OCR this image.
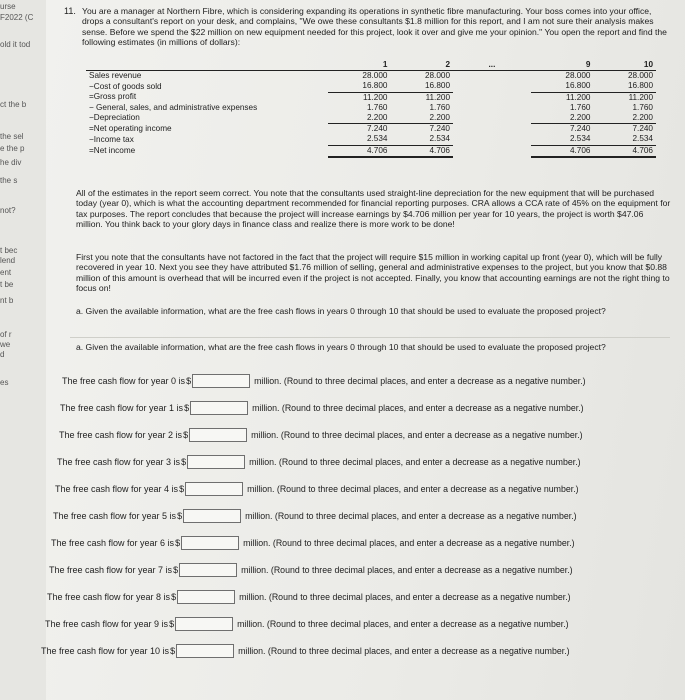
urse
F2022 (C
old it tod
ct the b
the sel
e the p
he div
the s
not?
t bec
lend
ent
t be
nt b
of r
we
d
es
11. You are a manager at Northern Fibre, which is considering expanding its operations in synthetic fibre manufacturing. Your boss comes into your office, drops a consultant's report on your desk, and complains, "We owe these consultants $1.8 million for this report, and I am not sure their analysis makes sense. Before we spend the $22 million on new equipment needed for this project, look it over and give me your opinion." You open the report and find the following estimates (in millions of dollars):
	1	2	...	9	10
Sales revenue	28.000	28.000		28.000	28.000
−Cost of goods sold	16.800	16.800		16.800	16.800
=Gross profit	11.200	11.200		11.200	11.200
− General, sales, and administrative expenses	1.760	1.760		1.760	1.760
−Depreciation	2.200	2.200		2.200	2.200
=Net operating income	7.240	7.240		7.240	7.240
−Income tax	2.534	2.534		2.534	2.534
=Net income	4.706	4.706		4.706	4.706
All of the estimates in the report seem correct. You note that the consultants used straight-line depreciation for the new equipment that will be purchased today (year 0), which is what the accounting department recommended for financial reporting purposes. CRA allows a CCA rate of 45% on the equipment for tax purposes. The report concludes that because the project will increase earnings by $4.706 million per year for 10 years, the project is worth $47.06 million. You think back to your glory days in finance class and realize there is more work to be done!
First you note that the consultants have not factored in the fact that the project will require $15 million in working capital up front (year 0), which will be fully recovered in year 10. Next you see they have attributed $1.76 million of selling, general and administrative expenses to the project, but you know that $0.88 million of this amount is overhead that will be incurred even if the project is not accepted. Finally, you know that accounting earnings are not the right thing to focus on!
a. Given the available information, what are the free cash flows in years 0 through 10 that should be used to evaluate the proposed project?
a. Given the available information, what are the free cash flows in years 0 through 10 that should be used to evaluate the proposed project?
The free cash flow for year 0 is $	million. (Round to three decimal places, and enter a decrease as a negative number.)
The free cash flow for year 1 is $	million. (Round to three decimal places, and enter a decrease as a negative number.)
The free cash flow for year 2 is $	million. (Round to three decimal places, and enter a decrease as a negative number.)
The free cash flow for year 3 is $	million. (Round to three decimal places, and enter a decrease as a negative number.)
The free cash flow for year 4 is $	million. (Round to three decimal places, and enter a decrease as a negative number.)
The free cash flow for year 5 is $	million. (Round to three decimal places, and enter a decrease as a negative number.)
The free cash flow for year 6 is $	million. (Round to three decimal places, and enter a decrease as a negative number.)
The free cash flow for year 7 is $	million. (Round to three decimal places, and enter a decrease as a negative number.)
The free cash flow for year 8 is $	million. (Round to three decimal places, and enter a decrease as a negative number.)
The free cash flow for year 9 is $	million. (Round to three decimal places, and enter a decrease as a negative number.)
The free cash flow for year 10 is $	million. (Round to three decimal places, and enter a decrease as a negative number.)
